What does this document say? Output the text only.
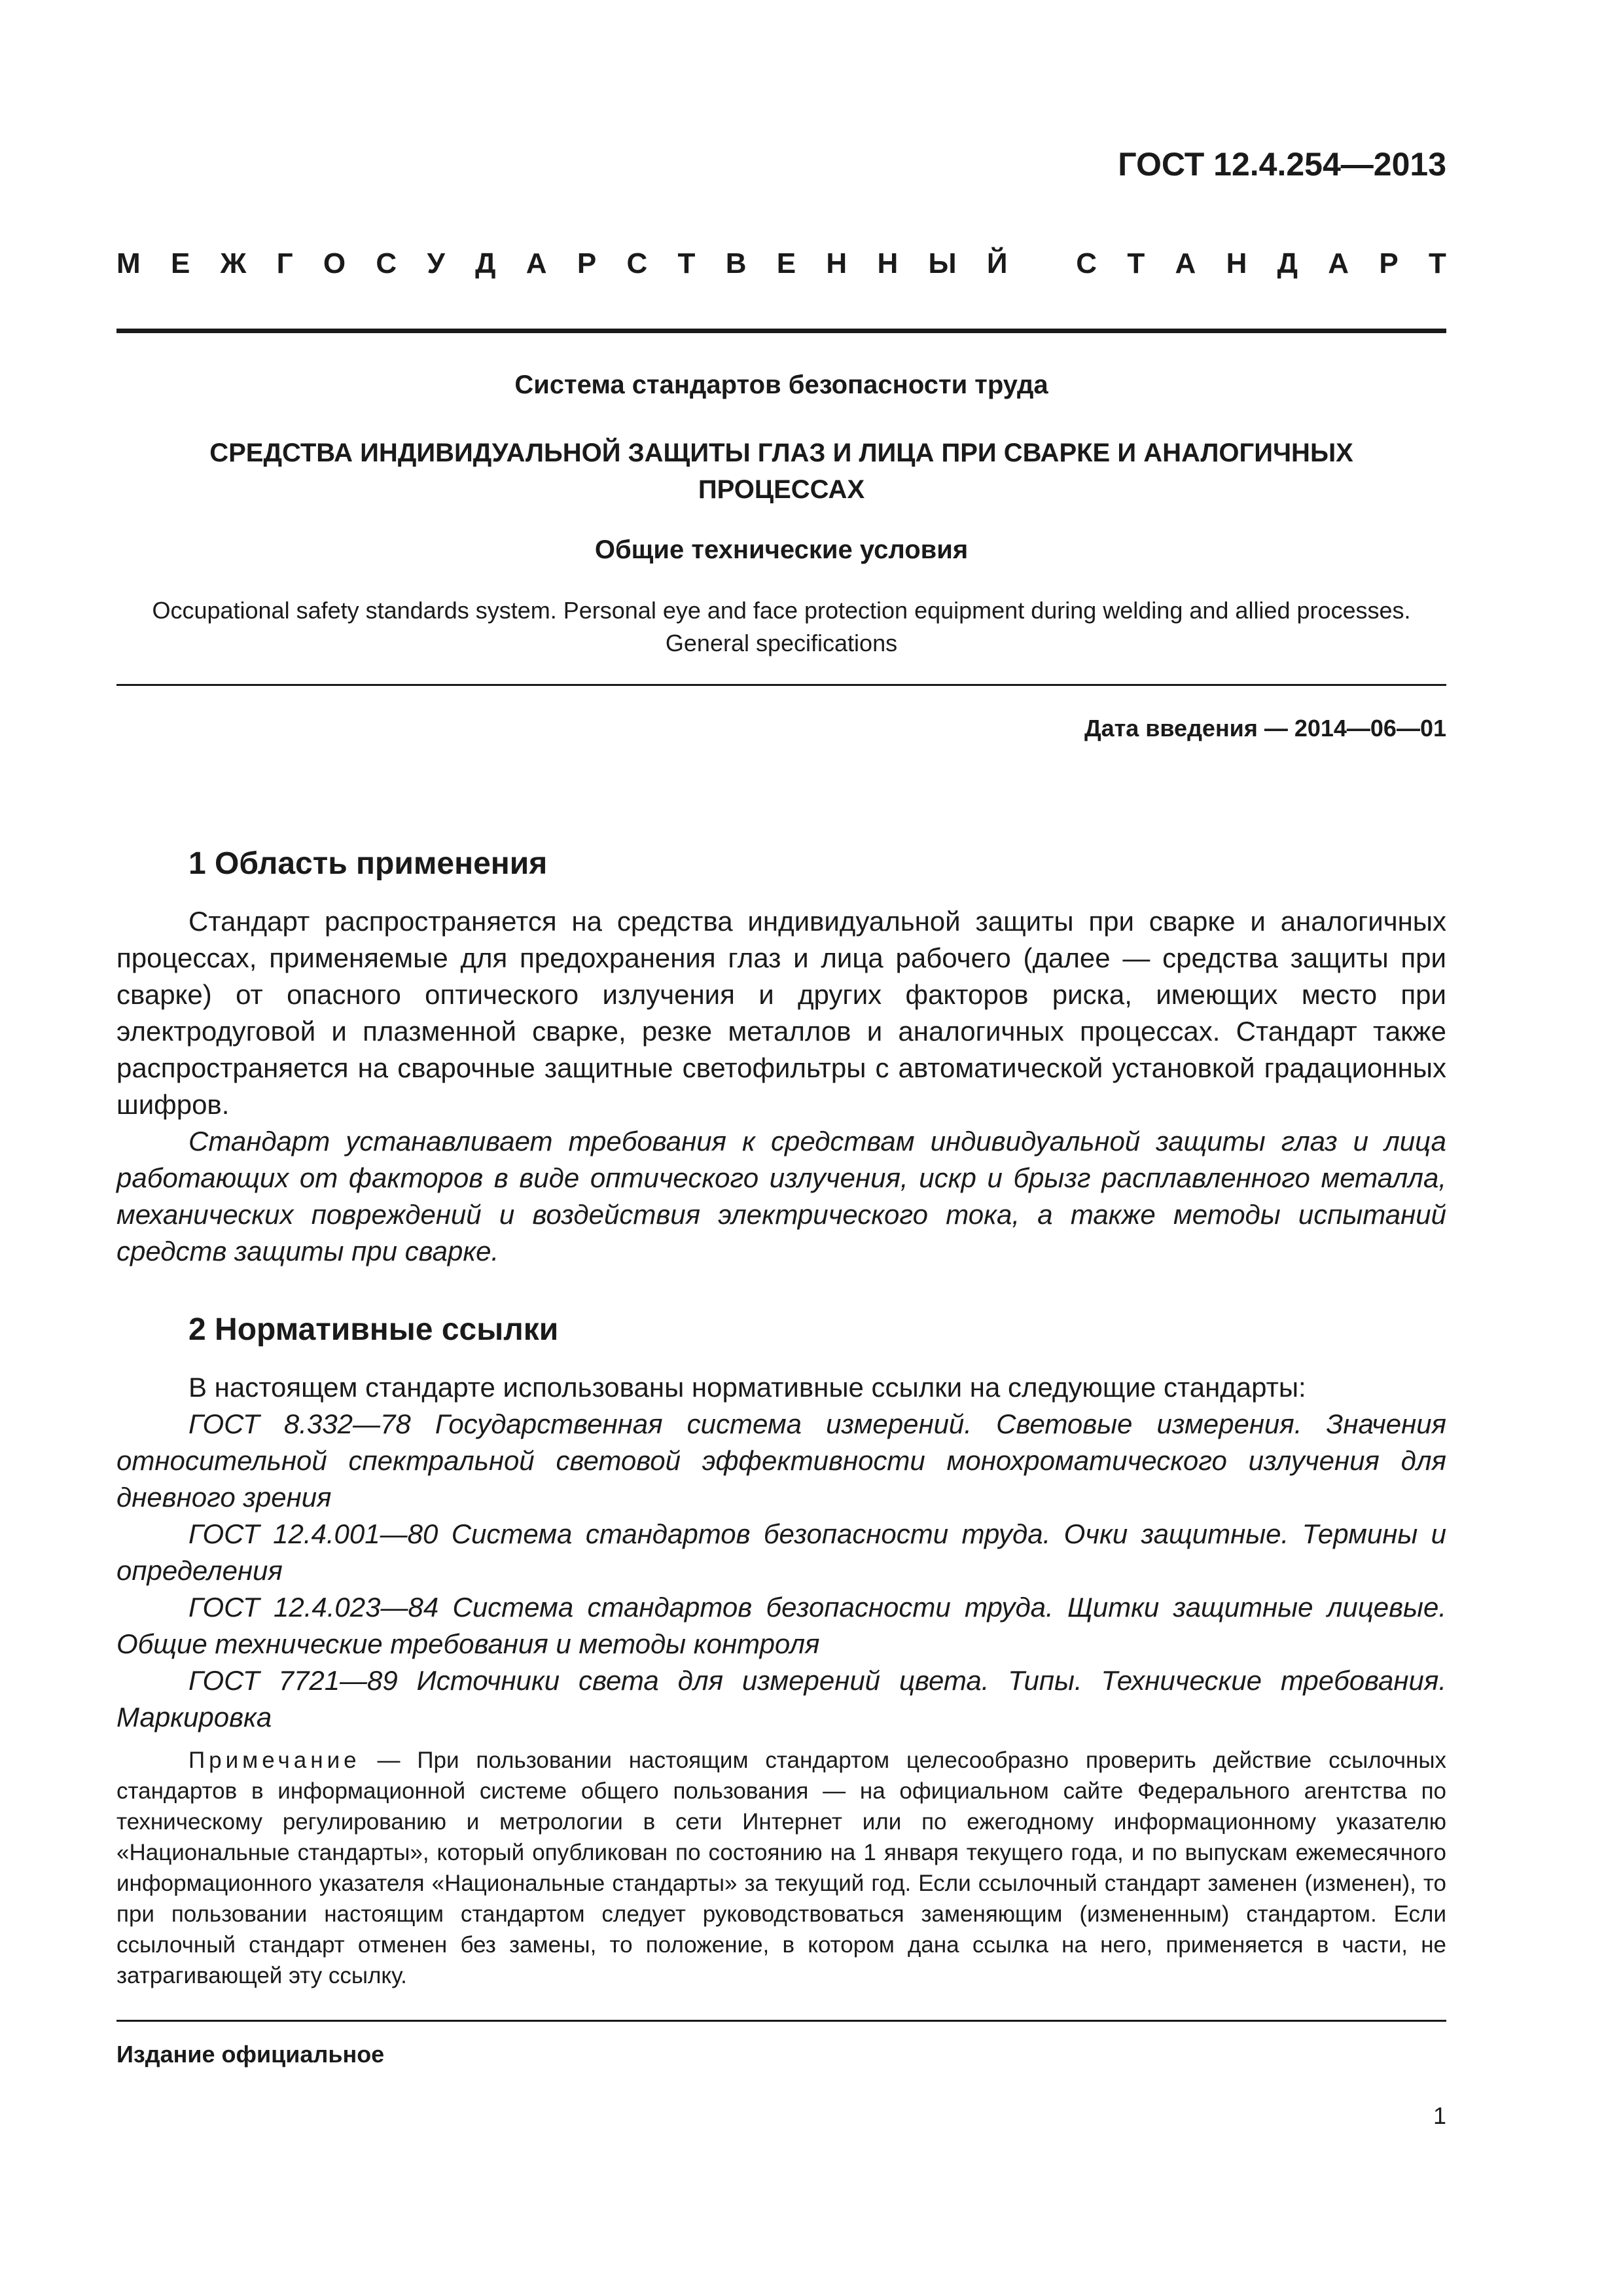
ГОСТ 12.4.254—2013
М Е Ж Г О С У Д А Р С Т В Е Н Н Ы Й
С Т А Н Д А Р Т
Система стандартов безопасности труда
СРЕДСТВА ИНДИВИДУАЛЬНОЙ ЗАЩИТЫ ГЛАЗ И ЛИЦА ПРИ СВАРКЕ И АНАЛОГИЧНЫХ
ПРОЦЕССАХ
Общие технические условия
Occupational safety standards system. Personal eye and face protection equipment during welding and allied processes.
General specifications
Дата введения — 2014—06—01
1 Область применения

Стандарт распространяется на средства индивидуальной защиты при сварке и аналогичных процессах, применяемые для предохранения глаз и лица рабочего (далее — средства защиты при сварке) от опасного оптического излучения и других факторов риска, имеющих место при электродуговой и плазменной сварке, резке металлов и аналогичных процессах. Стандарт также распространяется на сварочные защитные светофильтры с автоматической установкой градационных шифров.

Стандарт устанавливает требования к средствам индивидуальной защиты глаз и лица работающих от факторов в виде оптического излучения, искр и брызг расплавленного металла, механических повреждений и воздействия электрического тока, а также методы испытаний средств защиты при сварке.

2 Нормативные ссылки

В настоящем стандарте использованы нормативные ссылки на следующие стандарты:

ГОСТ 8.332—78 Государственная система измерений. Световые измерения. Значения относительной спектральной световой эффективности монохроматического излучения для дневного зрения

ГОСТ 12.4.001—80 Система стандартов безопасности труда. Очки защитные. Термины и определения

ГОСТ 12.4.023—84 Система стандартов безопасности труда. Щитки защитные лицевые. Общие технические требования и методы контроля

ГОСТ 7721—89 Источники света для измерений цвета. Типы. Технические требования. Маркировка

Примечание — При пользовании настоящим стандартом целесообразно проверить действие ссылочных стандартов в информационной системе общего пользования — на официальном сайте Федерального агентства по техническому регулированию и метрологии в сети Интернет или по ежегодному информационному указателю «Национальные стандарты», который опубликован по состоянию на 1 января текущего года, и по выпускам ежемесячного информационного указателя «Национальные стандарты» за текущий год. Если ссылочный стандарт заменен (изменен), то при пользовании настоящим стандартом следует руководствоваться заменяющим (измененным) стандартом. Если ссылочный стандарт отменен без замены, то положение, в котором дана ссылка на него, применяется в части, не затрагивающей эту ссылку.

Издание официальное
1
